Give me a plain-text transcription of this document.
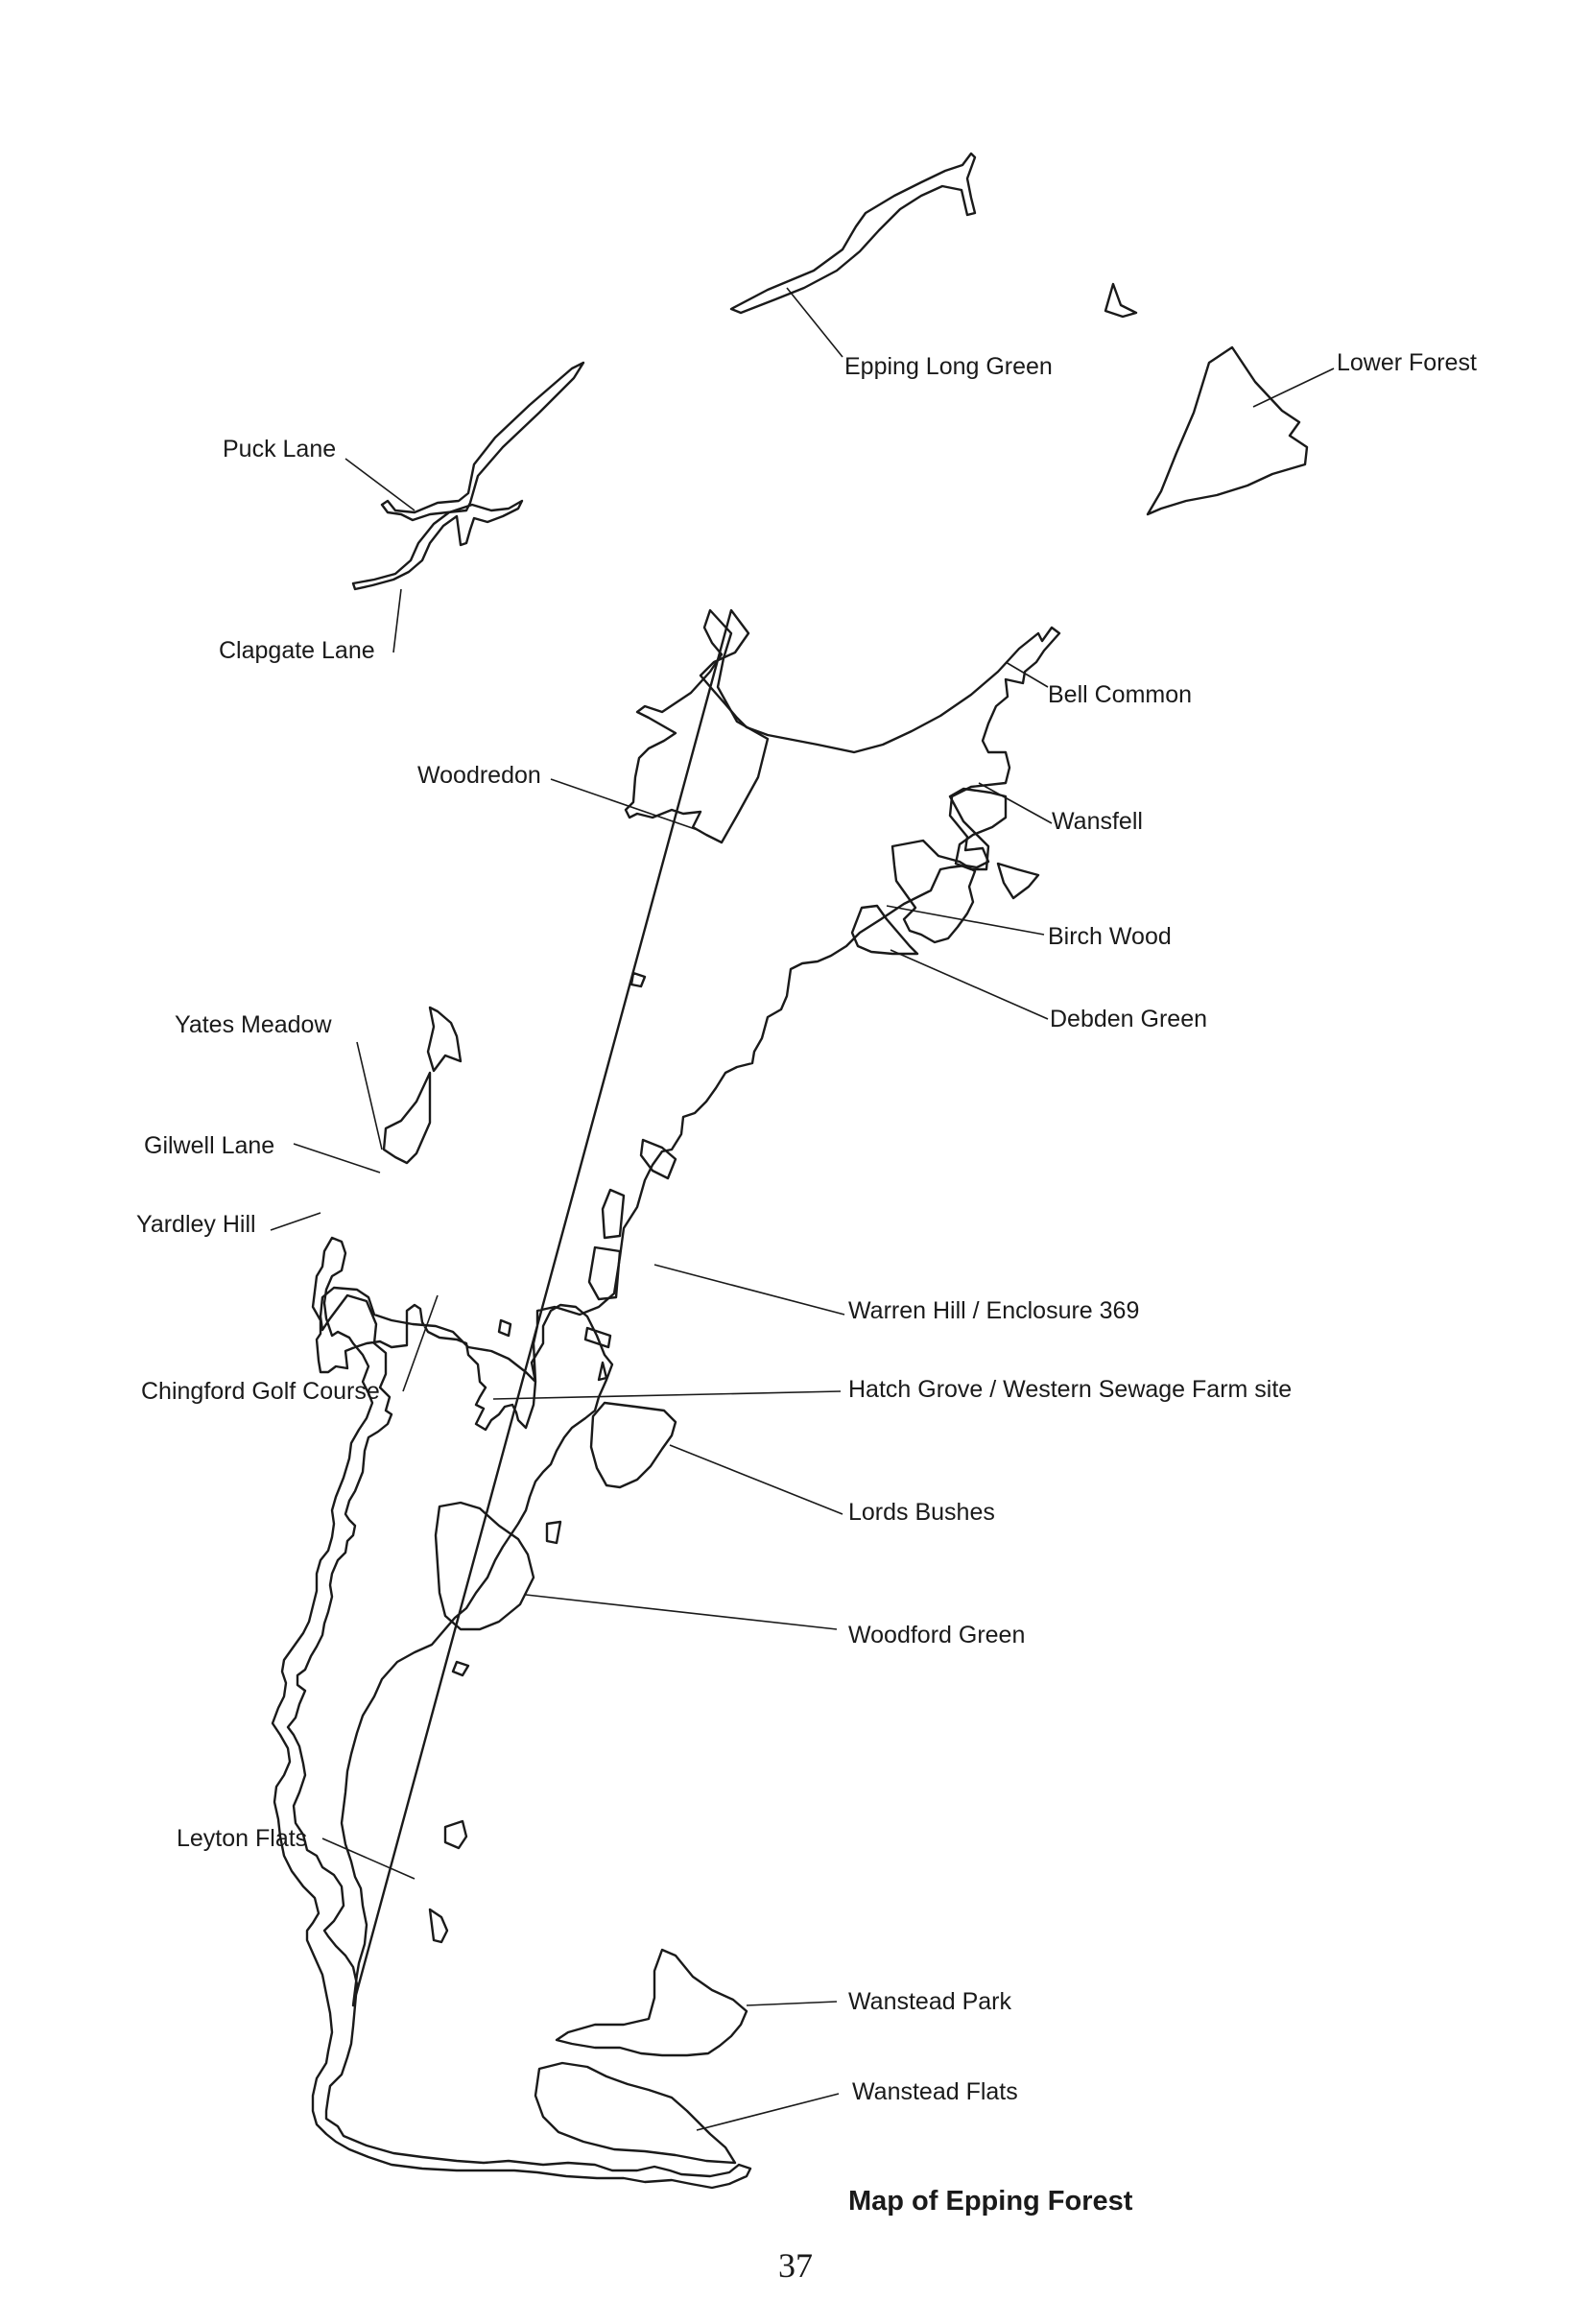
Epping Long Green	Lower Forest
Puck Lane
Clapgate Lane
Bell Common
Woodredon
Wansfell
Birch Wood
Debden Green
Yates Meadow
Gilwell Lane
Yardley Hill
Warren Hill / Enclosure 369
Chingford Golf Course	Hatch Grove / Western Sewage Farm site
Lords Bushes
Woodford Green
Leyton Flats
Wanstead Park
Wanstead Flats
Map of Epping Forest
37
